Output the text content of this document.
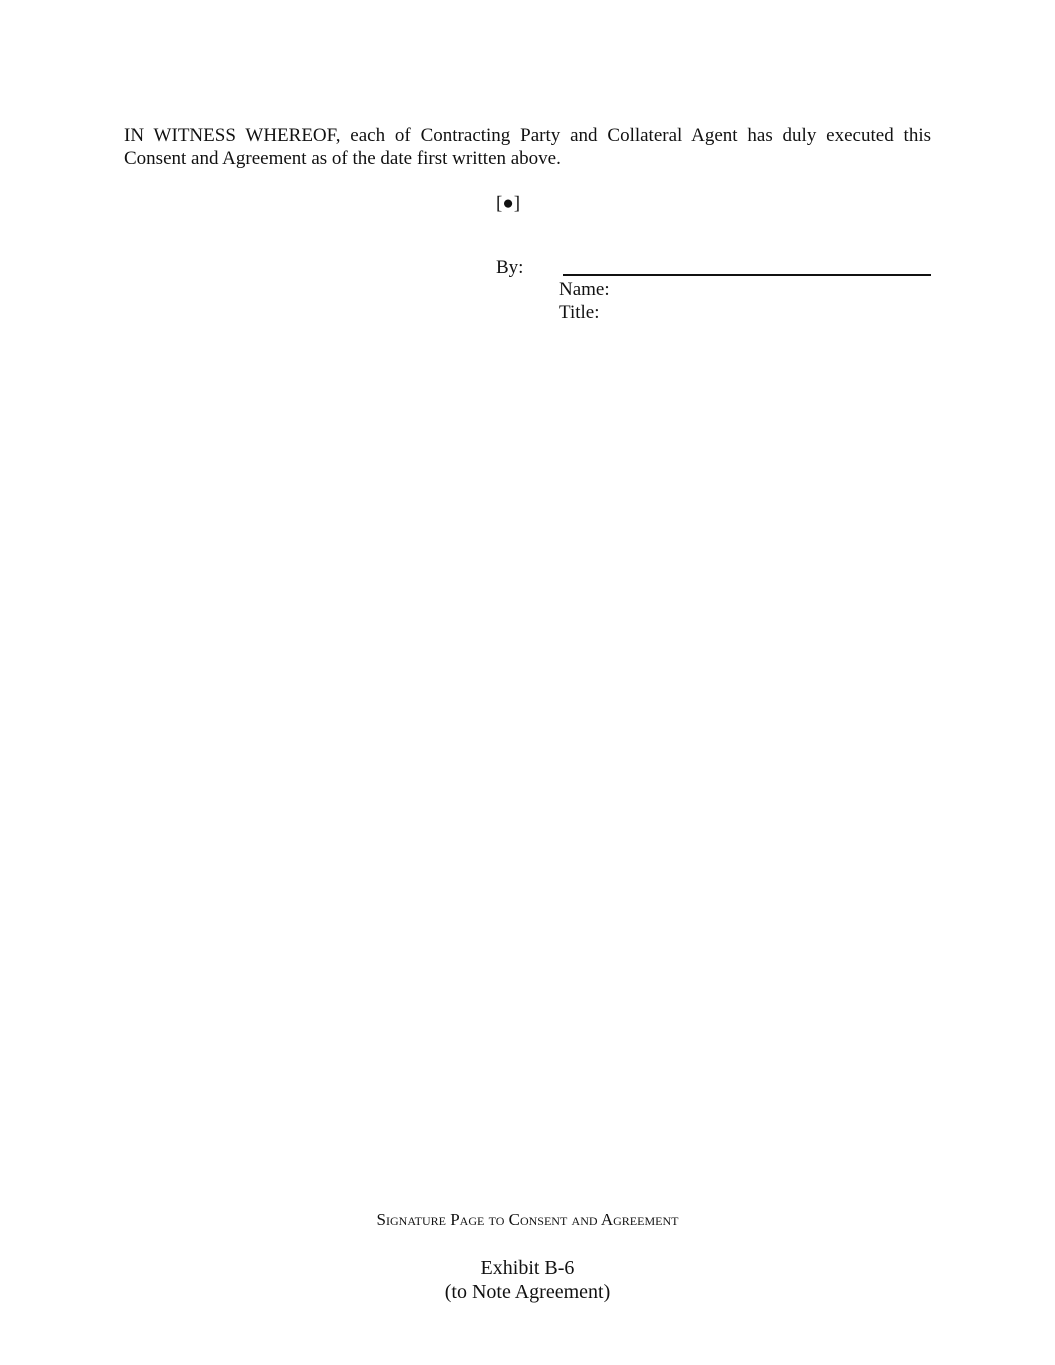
IN WITNESS WHEREOF, each of Contracting Party and Collateral Agent has duly executed this Consent and Agreement as of the date first written above.

[●]
By:
Name:
Title:
Signature Page to Consent and Agreement
Exhibit B-6
(to Note Agreement)
